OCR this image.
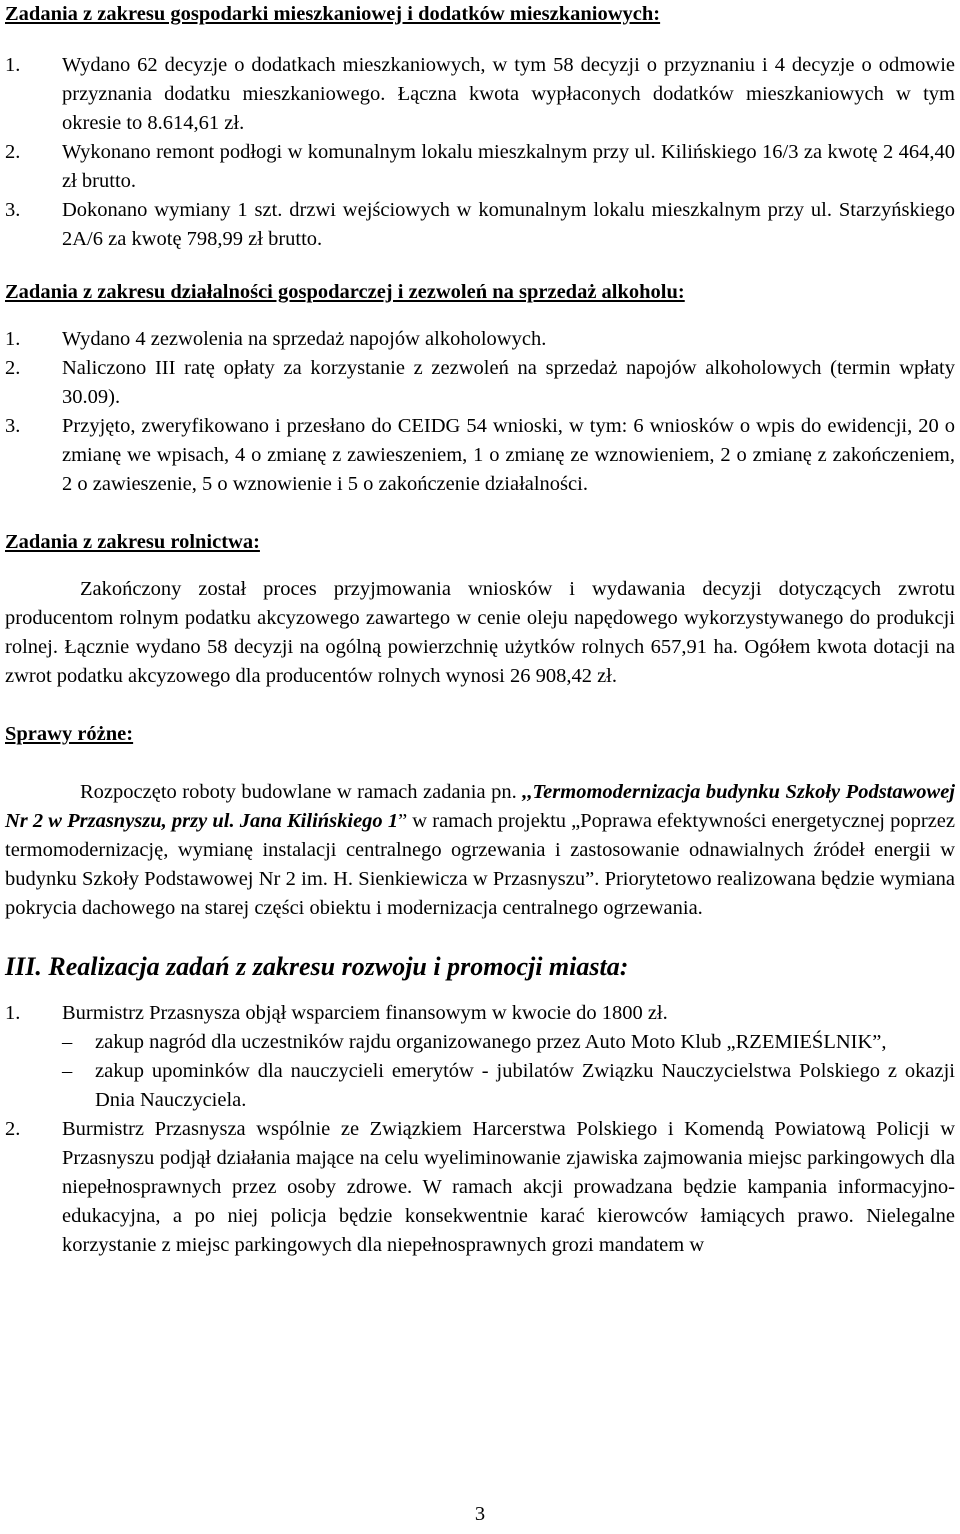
Zadania z zakresu gospodarki mieszkaniowej i dodatków mieszkaniowych:

1. Wydano 62 decyzje o dodatkach mieszkaniowych, w tym 58 decyzji o przyznaniu i 4 decyzje o odmowie przyznania dodatku mieszkaniowego. Łączna kwota wypłaconych dodatków mieszkaniowych w tym okresie to 8.614,61 zł.
2. Wykonano remont podłogi w komunalnym lokalu mieszkalnym przy ul. Kilińskiego 16/3 za kwotę 2 464,40 zł brutto.
3. Dokonano wymiany 1 szt. drzwi wejściowych w komunalnym lokalu mieszkalnym przy ul. Starzyńskiego 2A/6 za kwotę 798,99 zł brutto.

Zadania z zakresu działalności gospodarczej i zezwoleń na sprzedaż alkoholu:

1. Wydano 4 zezwolenia na sprzedaż napojów alkoholowych.
2. Naliczono III ratę opłaty za korzystanie z zezwoleń na sprzedaż napojów alkoholowych (termin wpłaty 30.09).
3. Przyjęto, zweryfikowano i przesłano do CEIDG 54 wnioski, w tym: 6 wniosków o wpis do ewidencji, 20 o zmianę we wpisach, 4 o zmianę z zawieszeniem, 1 o zmianę ze wznowieniem, 2 o zmianę z zakończeniem, 2 o zawieszenie, 5 o wznowienie i 5 o zakończenie działalności.

Zadania z zakresu rolnictwa:

Zakończony został proces przyjmowania wniosków i wydawania decyzji dotyczących zwrotu producentom rolnym podatku akcyzowego zawartego w cenie oleju napędowego wykorzystywanego do produkcji rolnej. Łącznie wydano 58 decyzji na ogólną powierzchnię użytków rolnych 657,91 ha. Ogółem kwota dotacji na zwrot podatku akcyzowego dla producentów rolnych wynosi 26 908,42 zł.

Sprawy różne:

Rozpoczęto roboty budowlane w ramach zadania pn. ,,Termomodernizacja budynku Szkoły Podstawowej Nr 2 w Przasnyszu, przy ul. Jana Kilińskiego 1” w ramach projektu „Poprawa efektywności energetycznej poprzez termomodernizację, wymianę instalacji centralnego ogrzewania i zastosowanie odnawialnych źródeł energii w budynku Szkoły Podstawowej Nr 2 im. H. Sienkiewicza w Przasnyszu”. Priorytetowo realizowana będzie wymiana pokrycia dachowego na starej części obiektu i modernizacja centralnego ogrzewania.

III. Realizacja zadań z zakresu rozwoju i promocji miasta:

1. Burmistrz Przasnysza objął wsparciem finansowym w kwocie do 1800 zł.
– zakup nagród dla uczestników rajdu organizowanego przez Auto Moto Klub „RZEMIEŚLNIK”,
– zakup upominków dla nauczycieli emerytów - jubilatów Związku Nauczycielstwa Polskiego z okazji Dnia Nauczyciela.
2. Burmistrz Przasnysza wspólnie ze Związkiem Harcerstwa Polskiego i Komendą Powiatową Policji w Przasnyszu podjął działania mające na celu wyeliminowanie zjawiska zajmowania miejsc parkingowych dla niepełnosprawnych przez osoby zdrowe. W ramach akcji prowadzana będzie kampania informacyjno-edukacyjna, a po niej policja będzie konsekwentnie karać kierowców łamiących prawo. Nielegalne korzystanie z miejsc parkingowych dla niepełnosprawnych grozi mandatem w
3
